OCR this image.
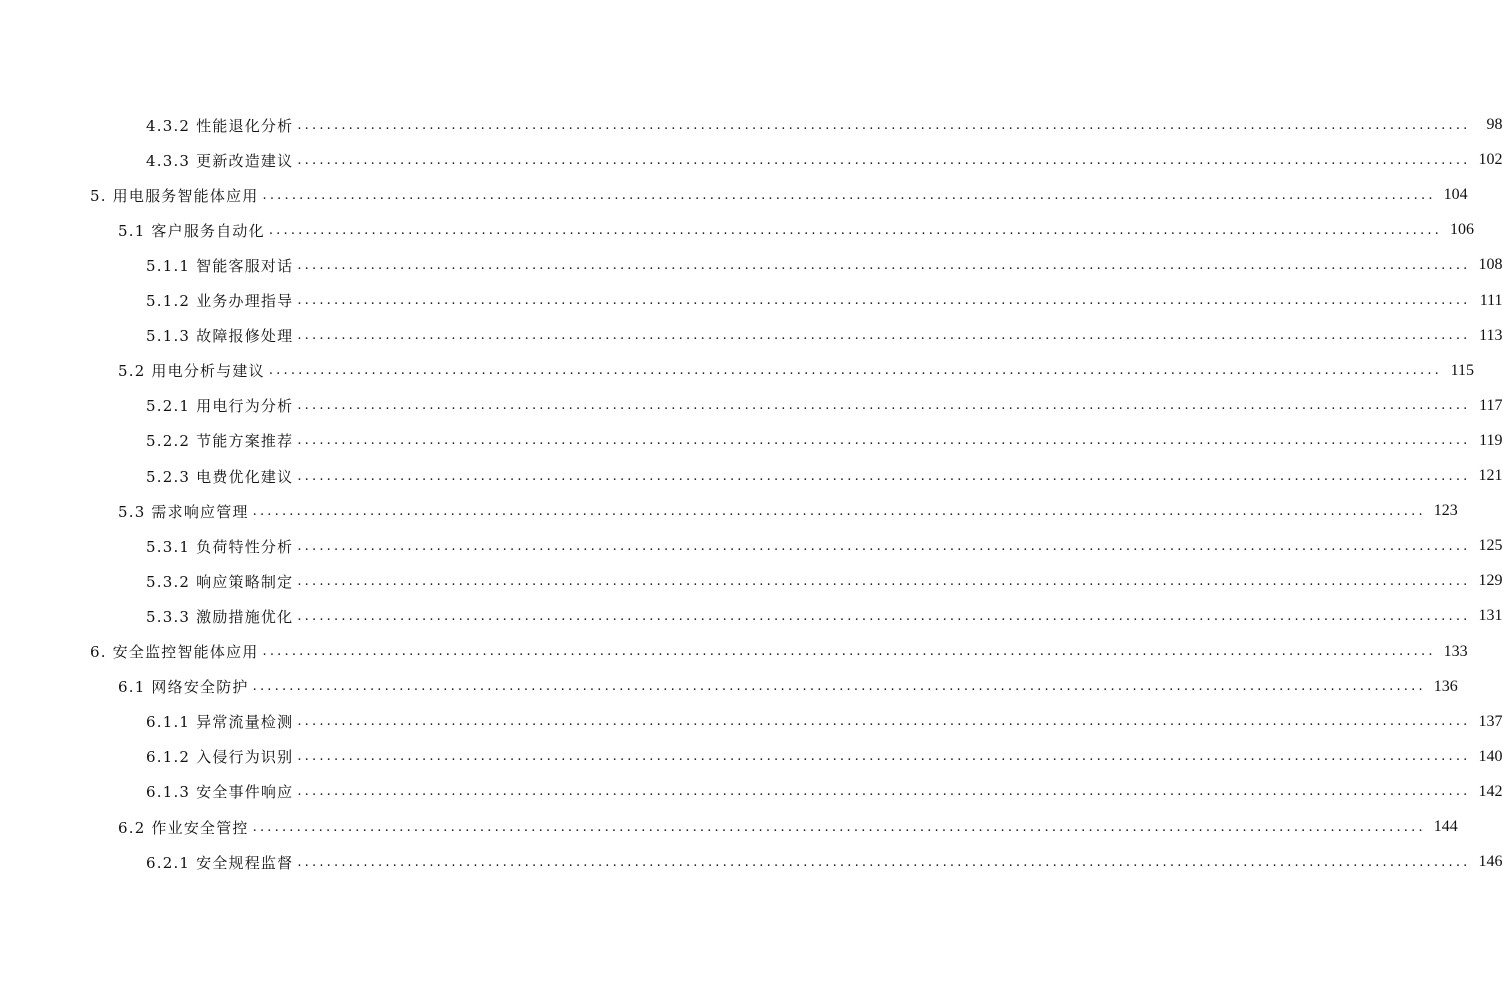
4.3.2 性能退化分析 ................................................................................................................................................................	98
4.3.3 更新改造建议 ................................................................................................................................................................ 102
5. 用电服务智能体应用 ................................................................................................................................................................ 104
5.1 客户服务自动化 ................................................................................................................................................................ 106
5.1.1 智能客服对话 ................................................................................................................................................................ 108
5.1.2 业务办理指导 ................................................................................................................................................................ 111
5.1.3 故障报修处理 ................................................................................................................................................................ 113
5.2 用电分析与建议 ................................................................................................................................................................ 115
5.2.1 用电行为分析 ................................................................................................................................................................ 117
5.2.2 节能方案推荐 ................................................................................................................................................................ 119
5.2.3 电费优化建议 ................................................................................................................................................................ 121
5.3 需求响应管理 ................................................................................................................................................................ 123
5.3.1 负荷特性分析 ................................................................................................................................................................ 125
5.3.2 响应策略制定 ................................................................................................................................................................ 129
5.3.3 激励措施优化 ................................................................................................................................................................ 131
6. 安全监控智能体应用 ................................................................................................................................................................ 133
6.1 网络安全防护 ................................................................................................................................................................ 136
6.1.1 异常流量检测 ................................................................................................................................................................ 137
6.1.2 入侵行为识别 ................................................................................................................................................................ 140
6.1.3 安全事件响应 ................................................................................................................................................................ 142
6.2 作业安全管控 ................................................................................................................................................................ 144
6.2.1 安全规程监督 ................................................................................................................................................................ 146
